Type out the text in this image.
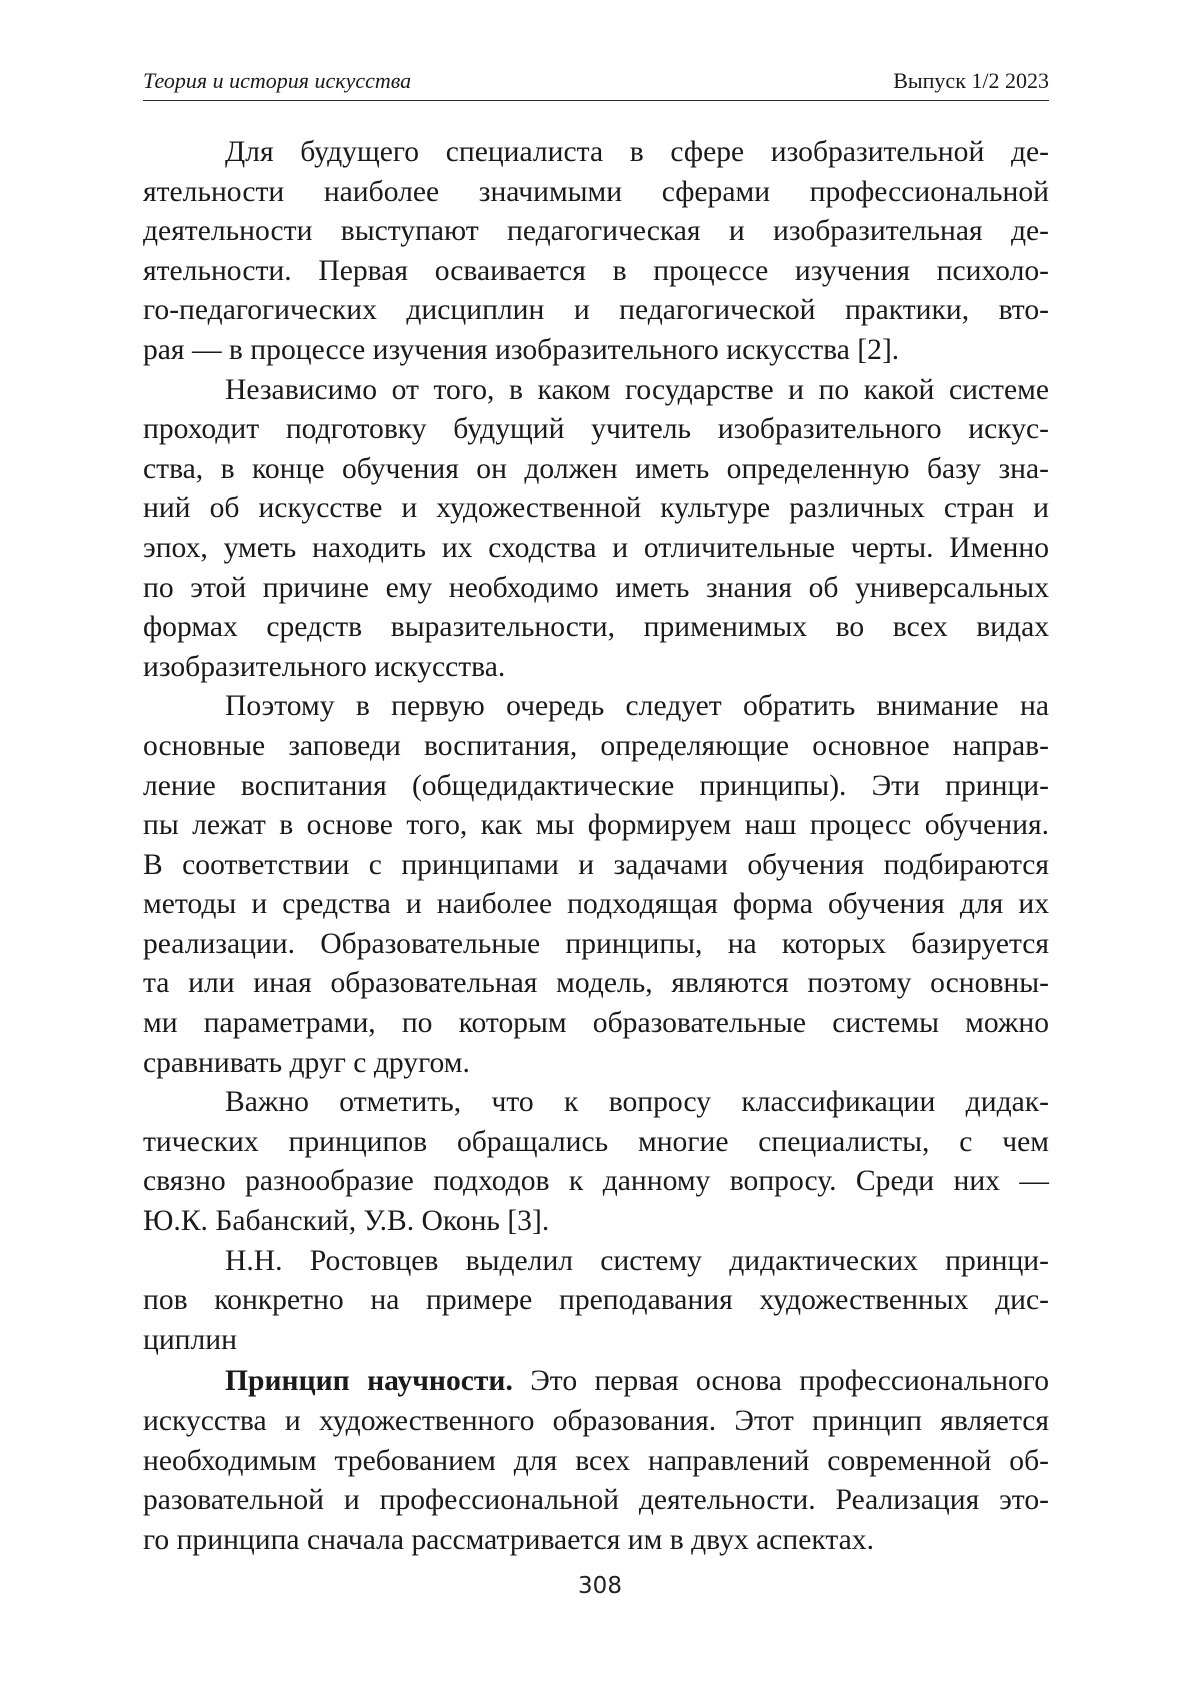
Теория и история искусства	Выпуск 1/2 2023
Для будущего специалиста в сфере изобразительной де-
ятельности наиболее значимыми сферами профессиональной
деятельности выступают педагогическая и изобразительная де-
ятельности. Первая осваивается в процессе изучения психоло-
го-педагогических дисциплин и педагогической практики, вто-
рая — в процессе изучения изобразительного искусства [2].
Независимо от того, в каком государстве и по какой системе
проходит подготовку будущий учитель изобразительного искус-
ства, в конце обучения он должен иметь определенную базу зна-
ний об искусстве и художественной культуре различных стран и
эпох, уметь находить их сходства и отличительные черты. Именно
по этой причине ему необходимо иметь знания об универсальных
формах средств выразительности, применимых во всех видах
изобразительного искусства.
Поэтому в первую очередь следует обратить внимание на
основные заповеди воспитания, определяющие основное направ-
ление воспитания (общедидактические принципы). Эти принци-
пы лежат в основе того, как мы формируем наш процесс обучения.
В соответствии с принципами и задачами обучения подбираются
методы и средства и наиболее подходящая форма обучения для их
реализации. Образовательные принципы, на которых базируется
та или иная образовательная модель, являются поэтому основны-
ми параметрами, по которым образовательные системы можно
сравнивать друг с другом.
Важно отметить, что к вопросу классификации дидак-
тических принципов обращались многие специалисты, с чем
связно разнообразие подходов к данному вопросу. Среди них —
Ю.К. Бабанский, У.В. Оконь [3].
Н.Н. Ростовцев выделил систему дидактических принци-
пов конкретно на примере преподавания художественных дис-
циплин
Принцип научности. Это первая основа профессионального
искусства и художественного образования. Этот принцип является
необходимым требованием для всех направлений современной об-
разовательной и профессиональной деятельности. Реализация это-
го принципа сначала рассматривается им в двух аспектах.
308
